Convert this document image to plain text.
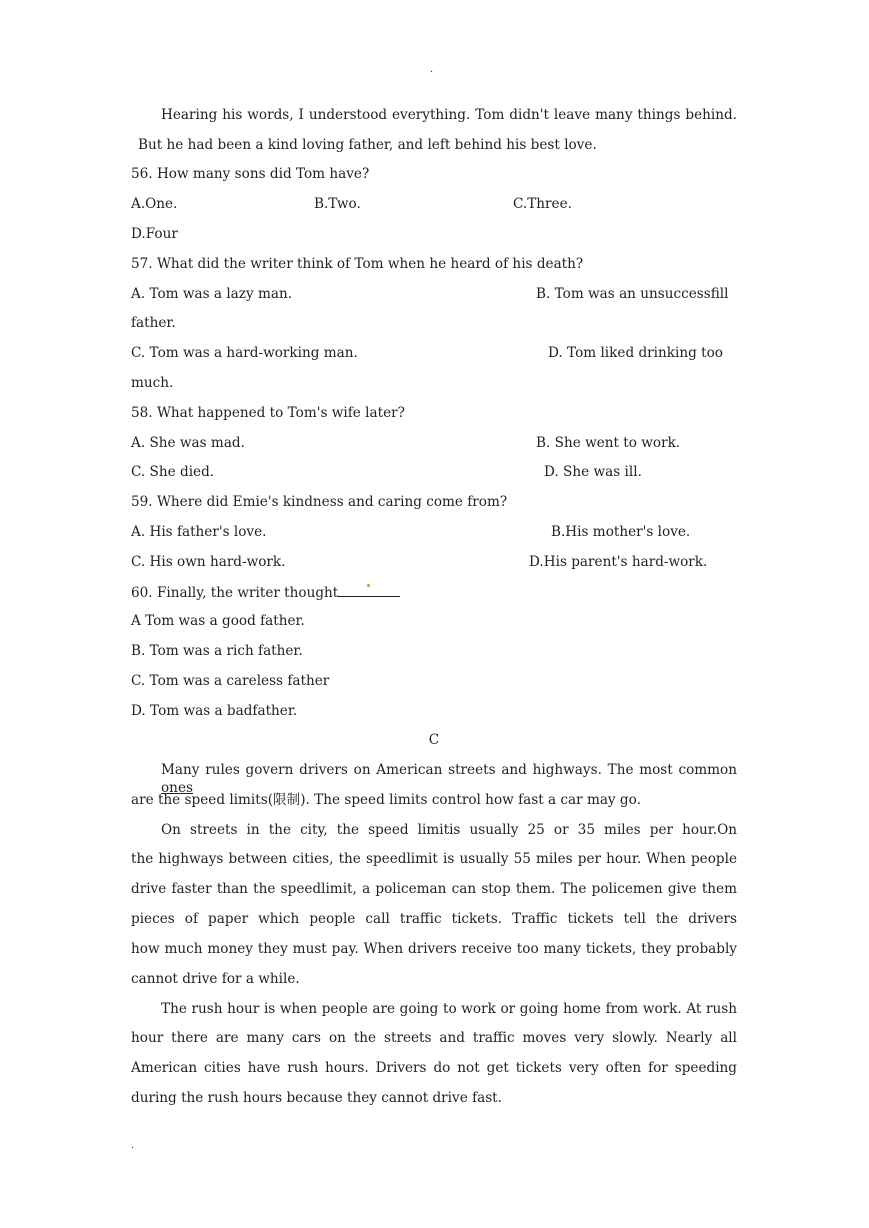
.
Hearing his words, I understood everything. Tom didn't leave many things behind.
But he had been a kind loving father, and left behind his best love.
56. How many sons did Tom have?
A.One.	B.Two.	C.Three.
D.Four
57. What did the writer think of Tom when he heard of his death?
A. Tom was a lazy man.	B. Tom was an unsuccessfill
father.
C. Tom was a hard-working man.	D. Tom liked drinking too
much.
58. What happened to Tom's wife later?
A. She was mad.	B. She went to work.
C. She died.	D. She was ill.
59. Where did Emie's kindness and caring come from?
A. His father's love.	B.His mother's love.
C. His own hard-work.	D.His parent's hard-work.
60. Finally, the writer thought
A Tom was a good father.
B. Tom was a rich father.
C. Tom was a careless father
D. Tom was a badfather.
C
Many rules govern drivers on American streets and highways. The most common ones
are the speed limits(限制). The speed limits control how fast a car may go.
On streets in the city, the speed limitis usually 25 or 35 miles per hour.On
the highways between cities, the speedlimit is usually 55 miles per hour. When people
drive faster than the speedlimit, a policeman can stop them. The policemen give them
pieces of paper which people call traffic tickets. Traffic tickets tell the drivers
how much money they must pay. When drivers receive too many tickets, they probably
cannot drive for a while.
The rush hour is when people are going to work or going home from work. At rush
hour there are many cars on the streets and traffic moves very slowly. Nearly all
American cities have rush hours. Drivers do not get tickets very often for speeding
during the rush hours because they cannot drive fast.
.
